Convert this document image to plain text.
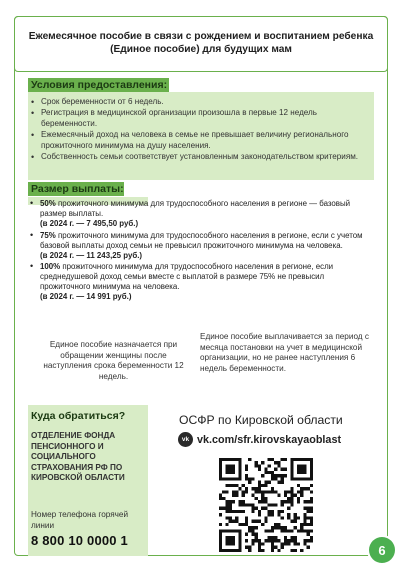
Ежемесячное пособие в связи с рождением и воспитанием ребенка (Единое пособие) для будущих мам
Условия предоставления:
• Срок беременности от 6 недель.
• Регистрация в медицинской организации произошла в первые 12 недель беременности.
• Ежемесячный доход на человека в семье не превышает величину регионального прожиточного минимума на душу населения.
• Собственность семьи соответствует установленным законодательством критериям.
Размер выплаты:
• 50% прожиточного минимума для трудоспособного населения в регионе — базовый размер выплаты.
(в 2024 г. — 7 495,50 руб.)
• 75% прожиточного минимума для трудоспособного населения в регионе, если с учетом базовой выплаты доход семьи не превысил прожиточного минимума на человека.
(в 2024 г. — 11 243,25 руб.)
• 100% прожиточного минимума для трудоспособного населения в регионе, если среднедушевой доход семьи вместе с выплатой в размере 75% не превысил прожиточного минимума на человека.
(в 2024 г. — 14 991 руб.)
Единое пособие назначается при обращении женщины после наступления срока беременности 12 недель.
Единое пособие выплачивается за период с месяца постановки на учет в медицинской организации, но не ранее наступления 6 недель беременности.
Куда обратиться?
ОТДЕЛЕНИЕ ФОНДА ПЕНСИОННОГО И СОЦИАЛЬНОГО СТРАХОВАНИЯ РФ ПО КИРОВСКОЙ ОБЛАСТИ
Номер телефона горячей линии
8 800 10 0000 1
ОСФР по Кировской области
vk vk.com/sfr.kirovskayaoblast
6
